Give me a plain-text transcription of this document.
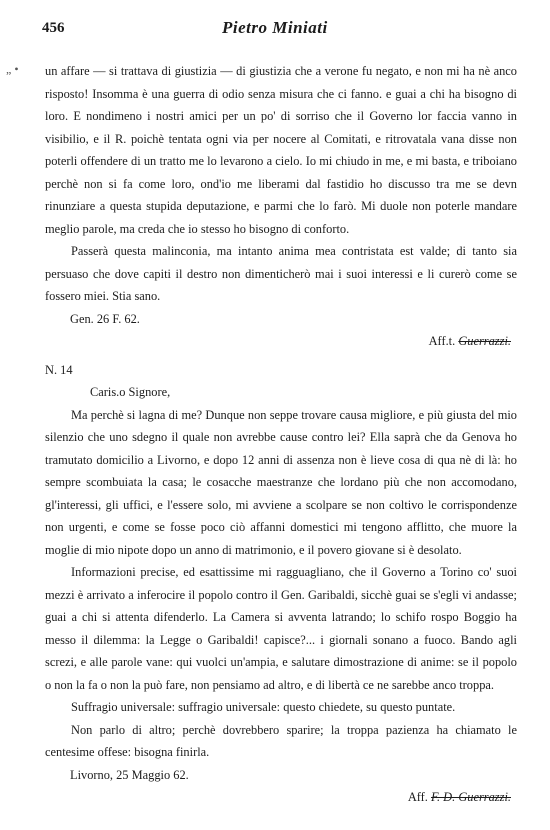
456	Pietro Miniati
„ • un affare — si trattava di giustizia — di giustizia che a verone fu negato, e non mi ha nè anco risposto! Insomma è una guerra di odio senza misura che ci fanno. e guai a chi ha bisogno di loro. E nondimeno i nostri amici per un po' di sorriso che il Governo lor faccia vanno in visibilio, e il R. poichè tentata ogni via per nocere al Comitati, e ritrovatala vana disse non poterli offendere di un tratto me lo levarono a cielo. Io mi chiudo in me, e mi basta, e triboiano perchè non si fa come loro, ond'io me liberami dal fastidio ho discusso tra me se devn rinunziare a questa stupida deputazione, e parmi che lo farò. Mi duole non poterle mandare meglio parole, ma creda che io stesso ho bisogno di conforto.

Passerà questa malinconia, ma intanto anima mea contristata est valde; di tanto sia persuaso che dove capiti il destro non dimenticherò mai i suoi interessi e li curerò come se fossero miei. Stia sano.

Gen. 26 F. 62.

Aff.t. Guerrazzi.

N. 14

Caris.o Signore,

Ma perchè si lagna di me? Dunque non seppe trovare causa migliore, e più giusta del mio silenzio che uno sdegno il quale non avrebbe cause contro lei? Ella saprà che da Genova ho tramutato domicilio a Livorno, e dopo 12 anni di assenza non è lieve cosa di qua nè di là: ho sempre scombuiata la casa; le cosacche maestranze che lordano più che non accomodano, gl'interessi, gli uffici, e l'essere solo, mi avviene a scolpare se non coltivo le corrispondenze non urgenti, e come se fosse poco ciò affanni domestici mi tengono afflitto, che muore la moglie di mio nipote dopo un anno di matrimonio, e il povero giovane si è desolato.

Informazioni precise, ed esattissime mi ragguagliano, che il Governo a Torino co' suoi mezzi è arrivato a inferocire il popolo contro il Gen. Garibaldi, sicchè guai se s'egli vi andasse; guai a chi si attenta difenderlo. La Camera si avventa latrando; lo schifo rospo Boggio ha messo il dilemma: la Legge o Garibaldi! capisce?... i giornali sonano a fuoco. Bando agli screzi, e alle parole vane: qui vuolci un'ampia, e salutare dimostrazione di anime: se il popolo o non la fa o non la può fare, non pensiamo ad altro, e di libertà ce ne sarebbe anco troppa.

Suffragio universale: suffragio universale: questo chiedete, su questo puntate.

Non parlo di altro; perchè dovrebbero sparire; la troppa pazienza ha chiamato le centesime offese: bisogna finirla.

Livorno, 25 Maggio 62.

Aff. F. D. Guerrazzi.
